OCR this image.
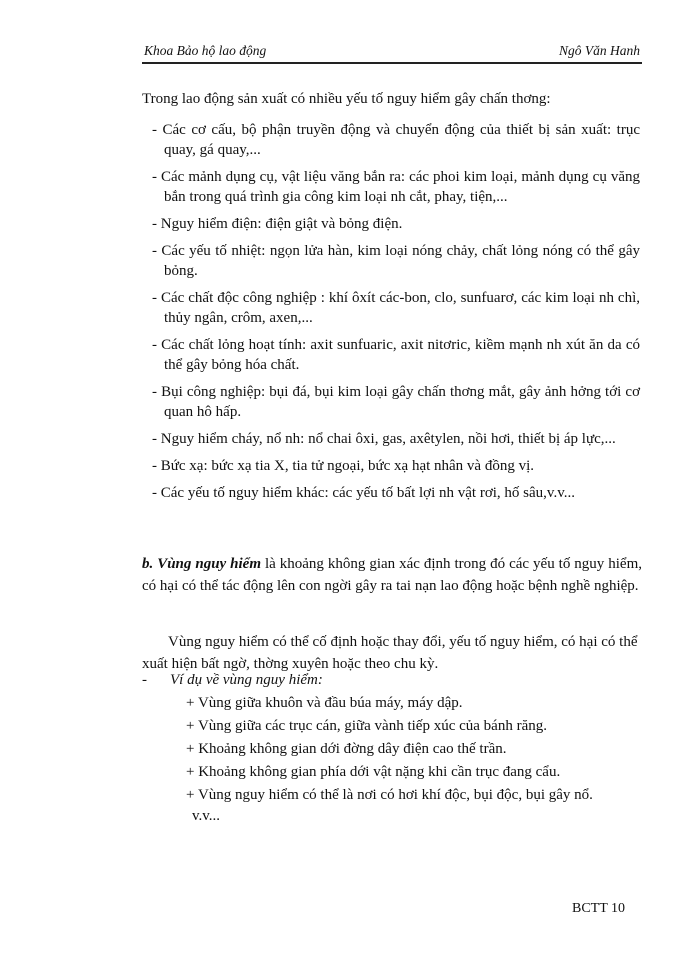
Khoa Bảo hộ lao động	Ngô Văn Hanh
Trong lao động sản xuất có nhiều yếu tố nguy hiểm gây chấn thơng:
- Các cơ cấu, bộ phận truyền động và chuyển động của thiết bị sản xuất: trục quay, gá quay,...
- Các mảnh dụng cụ, vật liệu văng bắn ra: các phoi kim loại, mảnh dụng cụ văng bắn trong quá trình gia công kim loại nh cắt, phay, tiện,...
- Nguy hiểm điện: điện giật và bỏng điện.
- Các yếu tố nhiệt: ngọn lửa hàn, kim loại nóng chảy, chất lỏng nóng có thể gây bỏng.
- Các chất độc công nghiệp : khí ôxít các-bon, clo, sunfuarơ, các kim loại nh chì, thủy ngân, crôm, axen,...
- Các chất lỏng hoạt tính: axit sunfuaric, axit nitơric, kiềm mạnh nh xút ăn da có thể gây bỏng hóa chất.
- Bụi công nghiệp: bụi đá, bụi kim loại gây chấn thơng mắt, gây ảnh hởng tới cơ quan hô hấp.
- Nguy hiểm cháy, nổ nh: nổ chai ôxi, gas, axêtylen, nồi hơi, thiết bị áp lực,...
- Bức xạ: bức xạ tia X, tia tử ngoại, bức xạ hạt nhân và đồng vị.
- Các yếu tố nguy hiểm khác: các yếu tố bất lợi nh vật rơi, hố sâu,v.v...
b. Vùng nguy hiểm là khoảng không gian xác định trong đó các yếu tố nguy hiểm, có hại có thể tác động lên con ngời gây ra tai nạn lao động hoặc bệnh nghề nghiệp.
Vùng nguy hiểm có thể cố định hoặc thay đổi, yếu tố nguy hiểm, có hại có thể xuất hiện bất ngờ, thờng xuyên hoặc theo chu kỳ.
- Ví dụ về vùng nguy hiểm:
+ Vùng giữa khuôn và đầu búa máy, máy dập.
+ Vùng giữa các trục cán, giữa vành tiếp xúc của bánh răng.
+ Khoảng không gian dới đờng dây điện cao thế trần.
+ Khoảng không gian phía dới vật nặng khi cần trục đang cẩu.
+ Vùng nguy hiểm có thể là nơi có hơi khí độc, bụi độc, bụi gây nổ.
v.v...
BCTT 10
